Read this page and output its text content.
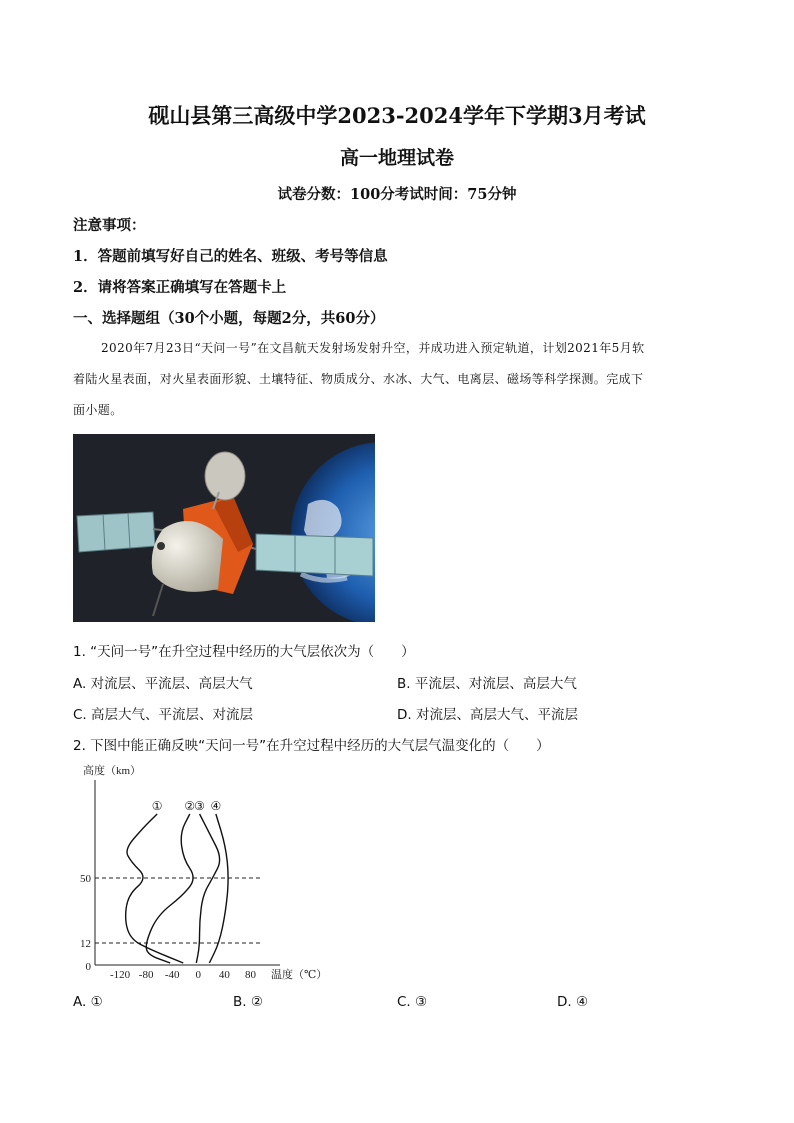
砚山县第三高级中学2023-2024学年下学期3月考试
高一地理试卷
试卷分数：100分考试时间：75分钟
注意事项：
1．答题前填写好自己的姓名、班级、考号等信息
2．请将答案正确填写在答题卡上
一、选择题组（30个小题，每题2分，共60分）
2020年7月23日“天问一号”在文昌航天发射场发射升空，并成功进入预定轨道，计划2021年5月软
着陆火星表面，对火星表面形貌、土壤特征、物质成分、水冰、大气、电离层、磁场等科学探测。完成下
面小题。
1. “天问一号”在升空过程中经历的大气层依次为（　　）
A. 对流层、平流层、高层大气	B. 平流层、对流层、高层大气
C. 高层大气、平流层、对流层	D. 对流层、高层大气、平流层
2. 下图中能正确反映“天问一号”在升空过程中经历的大气层气温变化的（　　）
高度（km）
0
12
50
-120 -80 -40 0 40 80 温度（℃）
① ② ③ ④
A. ①	B. ②	C. ③	D. ④
